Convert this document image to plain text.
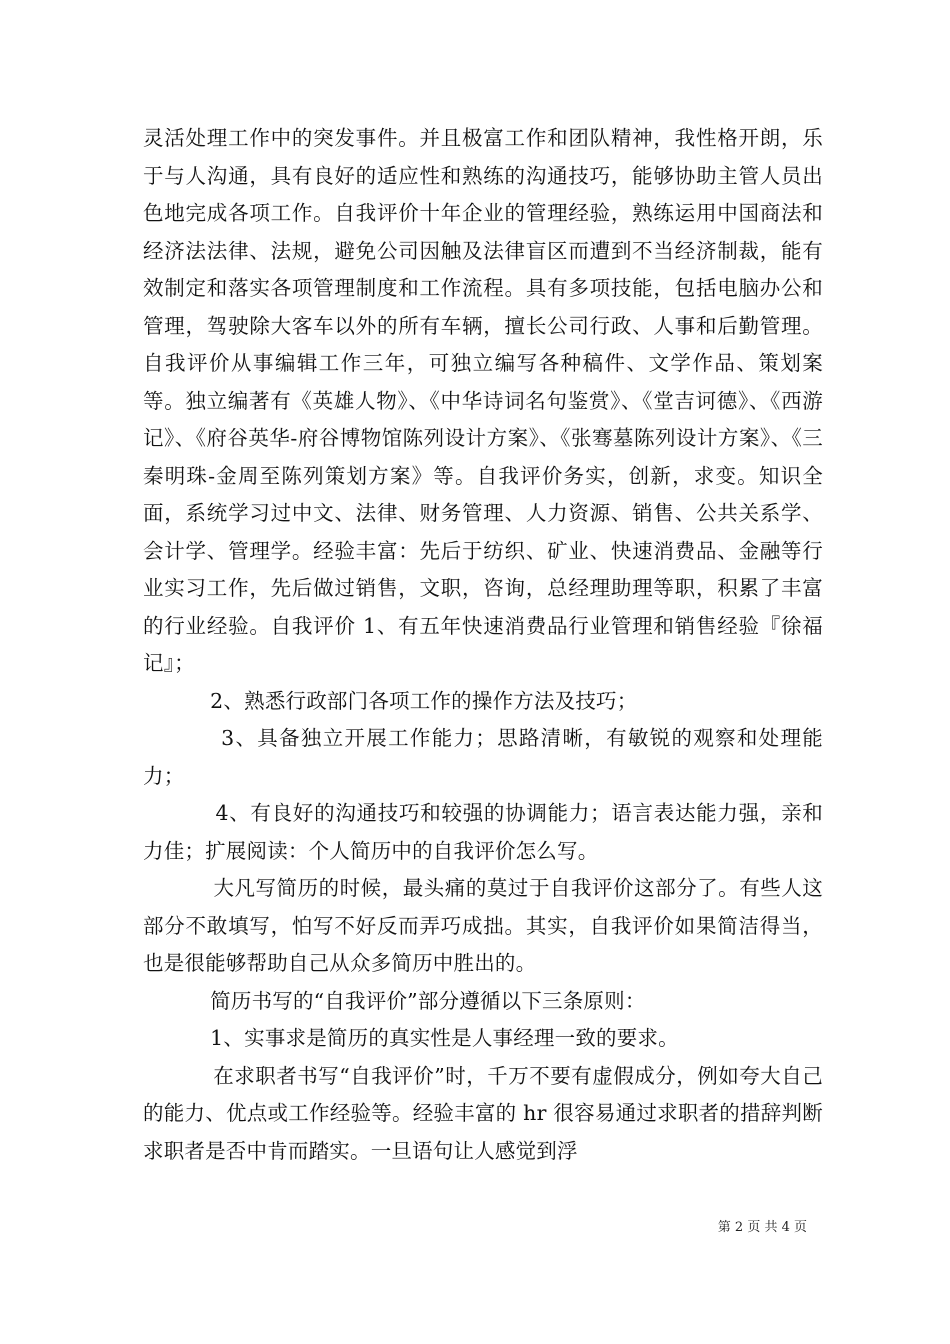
灵活处理工作中的突发事件。并且极富工作和团队精神，我性格开朗，乐于与人沟通，具有良好的适应性和熟练的沟通技巧，能够协助主管人员出色地完成各项工作。自我评价十年企业的管理经验，熟练运用中国商法和经济法法律、法规，避免公司因触及法律盲区而遭到不当经济制裁，能有效制定和落实各项管理制度和工作流程。具有多项技能，包括电脑办公和管理，驾驶除大客车以外的所有车辆，擅长公司行政、人事和后勤管理。自我评价从事编辑工作三年，可独立编写各种稿件、文学作品、策划案等。独立编著有《英雄人物》、《中华诗词名句鉴赏》、《堂吉诃德》、《西游记》、《府谷英华-府谷博物馆陈列设计方案》、《张骞墓陈列设计方案》、《三秦明珠-金周至陈列策划方案》等。自我评价务实，创新，求变。知识全面，系统学习过中文、法律、财务管理、人力资源、销售、公共关系学、会计学、管理学。经验丰富：先后于纺织、矿业、快速消费品、金融等行业实习工作，先后做过销售，文职，咨询，总经理助理等职，积累了丰富的行业经验。自我评价 1、有五年快速消费品行业管理和销售经验『徐福记』；

2、熟悉行政部门各项工作的操作方法及技巧；

3、具备独立开展工作能力；思路清晰，有敏锐的观察和处理能力；

4、有良好的沟通技巧和较强的协调能力；语言表达能力强，亲和力佳；扩展阅读：个人简历中的自我评价怎么写。

大凡写简历的时候，最头痛的莫过于自我评价这部分了。有些人这部分不敢填写，怕写不好反而弄巧成拙。其实，自我评价如果简洁得当，也是很能够帮助自己从众多简历中胜出的。

简历书写的“自我评价”部分遵循以下三条原则：

1、实事求是简历的真实性是人事经理一致的要求。

在求职者书写“自我评价”时，千万不要有虚假成分，例如夸大自己的能力、优点或工作经验等。经验丰富的 hr 很容易通过求职者的措辞判断求职者是否中肯而踏实。一旦语句让人感觉到浮

第 2 页 共 4 页
